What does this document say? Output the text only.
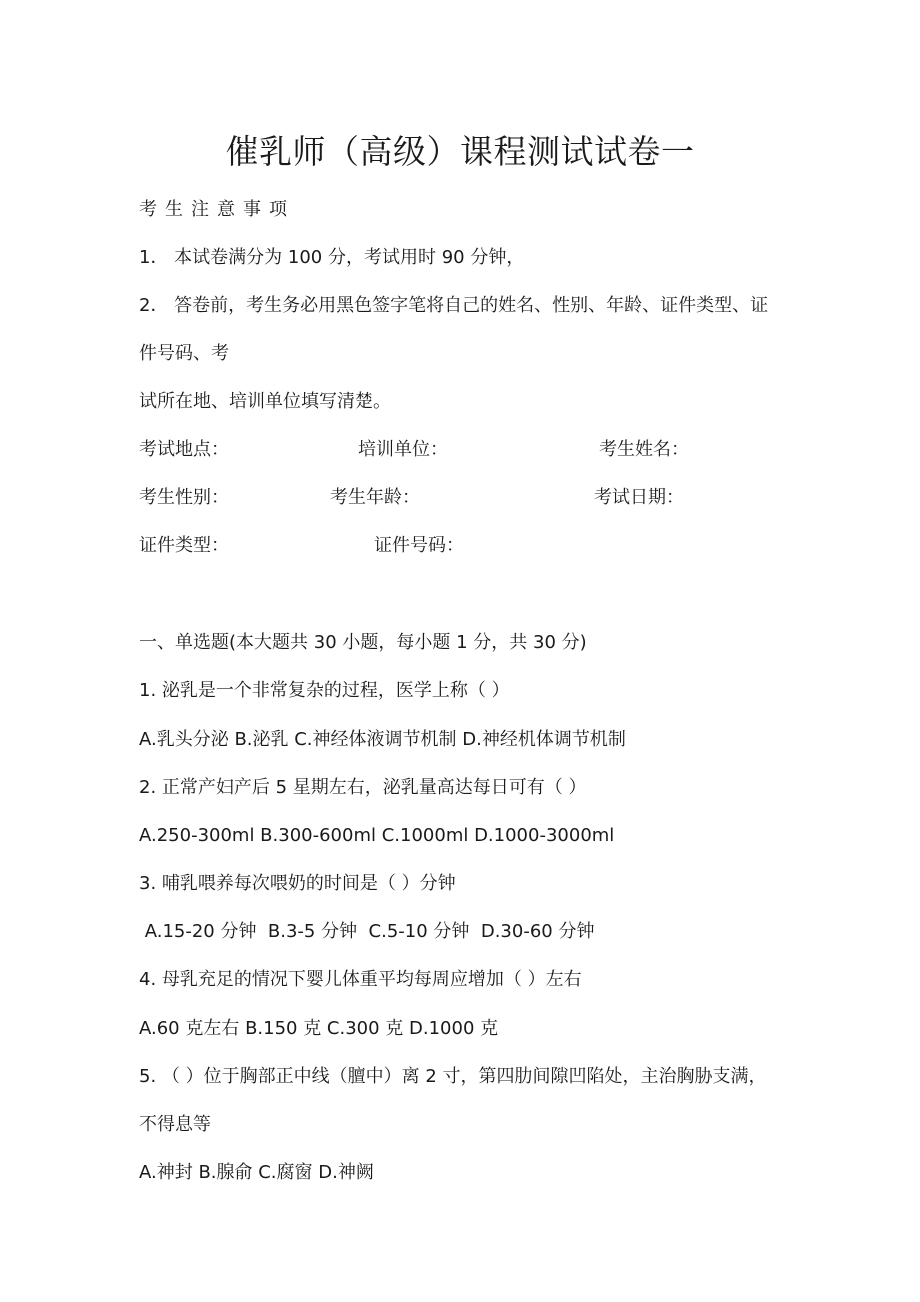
催乳师（高级）课程测试试卷一
考生注意事项
1． 本试卷满分为 100 分，考试用时 90 分钟，
2． 答卷前，考生务必用黑色签字笔将自己的姓名、性别、年龄、证件类型、证
件号码、考
试所在地、培训单位填写清楚。
考试地点：	培训单位：	考生姓名：
考生性别：	考生年龄：	考试日期：
证件类型：	证件号码：
一、单选题(本大题共 30 小题，每小题 1 分，共 30 分)
1. 泌乳是一个非常复杂的过程，医学上称（ ）
A.乳头分泌 B.泌乳 C.神经体液调节机制 D.神经机体调节机制
2. 正常产妇产后 5 星期左右，泌乳量高达每日可有（ ）
A.250-300ml B.300-600ml C.1000ml D.1000-3000ml
3. 哺乳喂养每次喂奶的时间是（ ）分钟
A.15-20 分钟  B.3-5 分钟  C.5-10 分钟  D.30-60 分钟
4. 母乳充足的情况下婴儿体重平均每周应增加（ ）左右
A.60 克左右 B.150 克 C.300 克 D.1000 克
5. （ ）位于胸部正中线（膻中）离 2 寸，第四肋间隙凹陷处，主治胸胁支满，
不得息等
A.神封 B.腺俞 C.腐窗 D.神阙
